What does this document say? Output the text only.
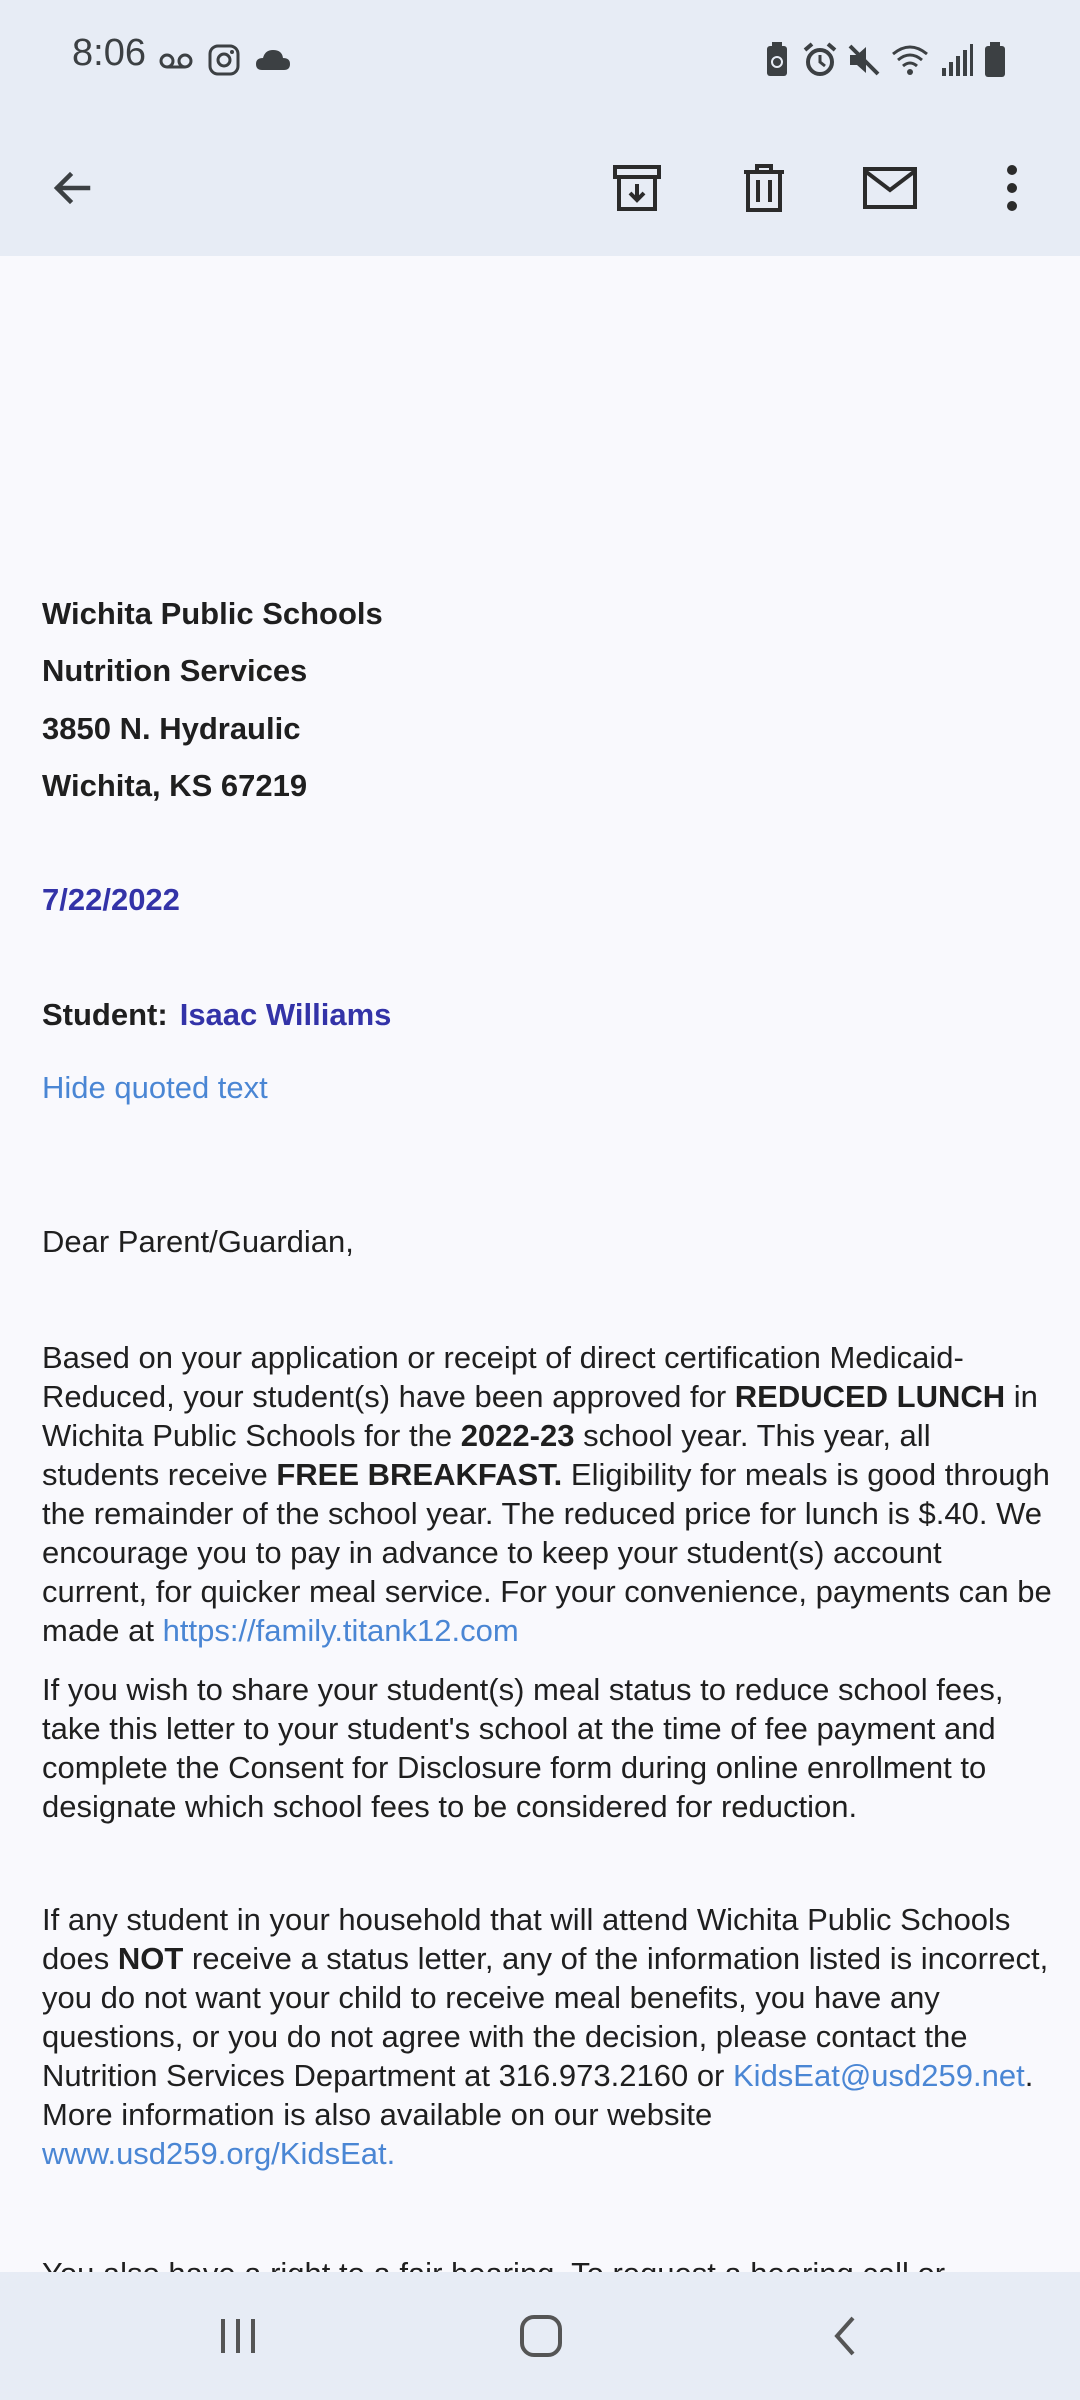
8:06
Wichita Public Schools
Nutrition Services
3850 N. Hydraulic
Wichita, KS 67219
7/22/2022
Student: Isaac Williams
Hide quoted text
Dear Parent/Guardian,
Based on your application or receipt of direct certification Medicaid-Reduced, your student(s) have been approved for REDUCED LUNCH in Wichita Public Schools for the 2022-23 school year. This year, all students receive FREE BREAKFAST. Eligibility for meals is good through the remainder of the school year. The reduced price for lunch is $.40. We encourage you to pay in advance to keep your student(s) account current, for quicker meal service. For your convenience, payments can be made at https://family.titank12.com
If you wish to share your student(s) meal status to reduce school fees, take this letter to your student's school at the time of fee payment and complete the Consent for Disclosure form during online enrollment to designate which school fees to be considered for reduction.
If any student in your household that will attend Wichita Public Schools does NOT receive a status letter, any of the information listed is incorrect, you do not want your child to receive meal benefits, you have any questions, or you do not agree with the decision, please contact the Nutrition Services Department at 316.973.2160 or KidsEat@usd259.net. More information is also available on our website www.usd259.org/KidsEat.
